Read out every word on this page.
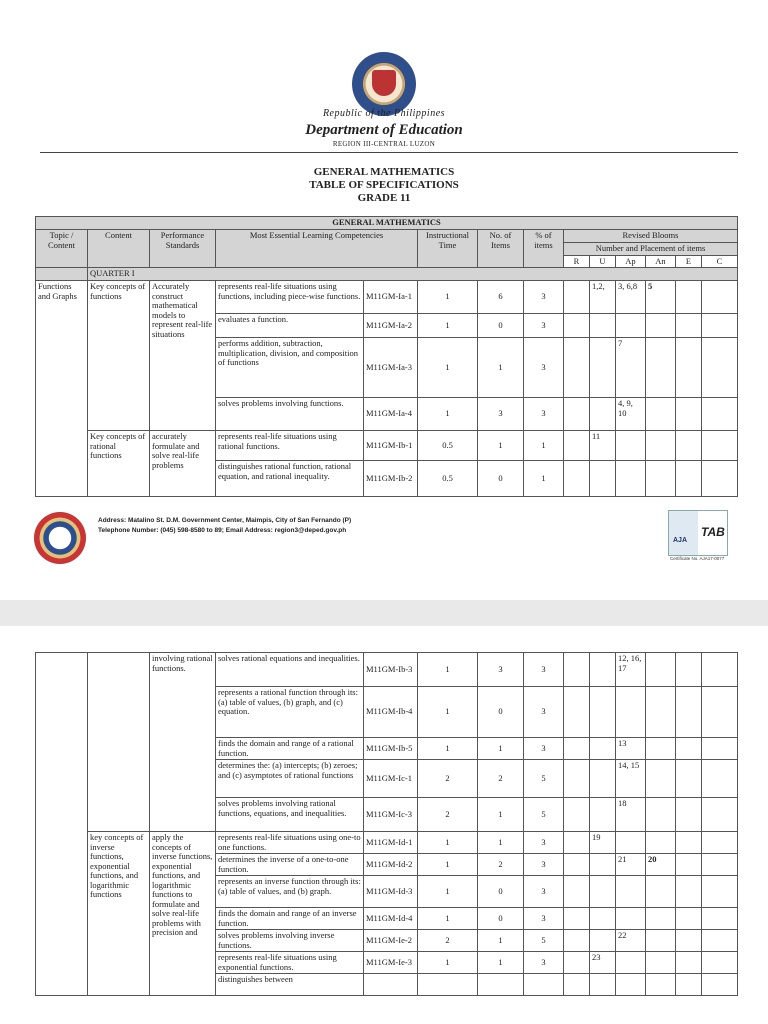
Republic of the Philippines
Department of Education
REGION III-CENTRAL LUZON
GENERAL MATHEMATICS
TABLE OF SPECIFICATIONS
GRADE 11
GENERAL MATHEMATICS													
Topic / Content	Content	Performance Standards	Most Essential Learning Competencies		Instructional Time	No. of Items	% of items	Revised Blooms					
								Number and Placement of items					
								R	U	Ap	An	E	C
	QUARTER I												
Functions and Graphs	Key concepts of functions	Accurately construct mathematical models to represent real-life situations	represents real-life situations using functions, including piece-wise functions.	M11GM-Ia-1	1	6	3		1,2,	3, 6,8	5		
			evaluates a function.	M11GM-Ia-2	1	0	3						
			performs addition, subtraction, multiplication, division, and composition of functions	M11GM-Ia-3	1	1	3			7			
			solves problems involving functions.	M11GM-Ia-4	1	3	3			4, 9, 10			
	Key concepts of rational functions	accurately formulate and solve real-life problems	represents real-life situations using rational functions.	M11GM-Ib-1	0.5	1	1		11				
			distinguishes rational function, rational equation, and rational inequality.	M11GM-Ib-2	0.5	0	1						
Address: Matalino St. D.M. Government Center, Maimpis, City of San Fernando (P)
Telephone Number: (045) 598-8580 to 89; Email Address: region3@deped.gov.ph
AJA
TAB
Certificate No. AJA17-0077
		involving rational functions.	solves rational equations and inequalities.	M11GM-Ib-3	1	3	3			12, 16, 17			
			represents a rational function through its: (a) table of values, (b) graph, and (c) equation.	M11GM-Ib-4	1	0	3						
			finds the domain and range of a rational function.	M11GM-Ib-5	1	1	3			13			
			determines the: (a) intercepts; (b) zeroes; and (c) asymptotes of rational functions	M11GM-Ic-1	2	2	5			14, 15			
			solves problems involving rational functions, equations, and inequalities.	M11GM-Ic-3	2	1	5			18			
	key concepts of inverse functions, exponential functions, and logarithmic functions	apply the concepts of inverse functions, exponential functions, and logarithmic functions to formulate and solve real-life problems with precision and	represents real-life situations using one-to one functions.	M11GM-Id-1	1	1	3		19				
			determines the inverse of a one-to-one function.	M11GM-Id-2	1	2	3			21	20		
			represents an inverse function through its: (a) table of values, and (b) graph.	M11GM-Id-3	1	0	3						
			finds the domain and range of an inverse function.	M11GM-Id-4	1	0	3						
			solves problems involving inverse functions.	M11GM-Ie-2	2	1	5			22			
			represents real-life situations using exponential functions.	M11GM-Ie-3	1	1	3		23				
			distinguishes between										
